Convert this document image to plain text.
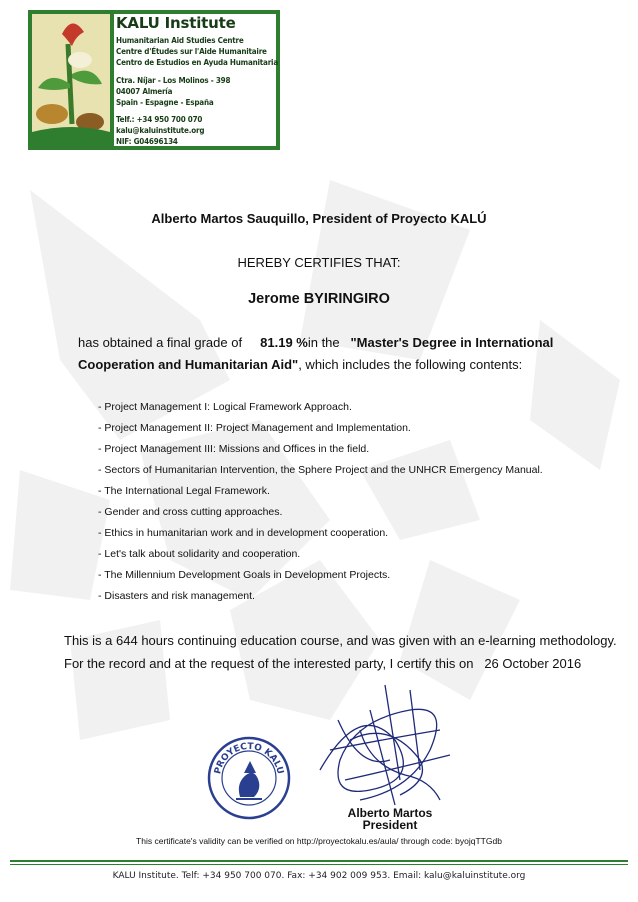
KALU Institute
Humanitarian Aid Studies Centre
Centre d'Études sur l'Aide Humanitaire
Centro de Estudios en Ayuda Humanitaria
Ctra. Níjar - Los Molinos - 398
04007 Almería
Spain - Espagne - España
Telf.: +34 950 700 070
kalu@kaluinstitute.org
NIF: G04696134
Alberto Martos Sauquillo, President of Proyecto KALÚ
HEREBY CERTIFIES THAT:
Jerome BYIRINGIRO
has obtained a final grade of 81.19 %in the "Master's Degree in International
Cooperation and Humanitarian Aid", which includes the following contents:
- Project Management I: Logical Framework Approach.
- Project Management II: Project Management and Implementation.
- Project Management III: Missions and Offices in the field.
- Sectors of Humanitarian Intervention, the Sphere Project and the UNHCR Emergency Manual.
- The International Legal Framework.
- Gender and cross cutting approaches.
- Ethics in humanitarian work and in development cooperation.
- Let's talk about solidarity and cooperation.
- The Millennium Development Goals in Development Projects.
- Disasters and risk management.
This is a 644 hours continuing education course, and was given with an e-learning methodology.
For the record and at the request of the interested party, I certify this on 26 October 2016
PROYECTO KALU
Alberto Martos
President
This certificate's validity can be verified on http://proyectokalu.es/aula/ through code: byojqTTGdb
KALU Institute. Telf: +34 950 700 070. Fax: +34 902 009 953. Email: kalu@kaluinstitute.org
